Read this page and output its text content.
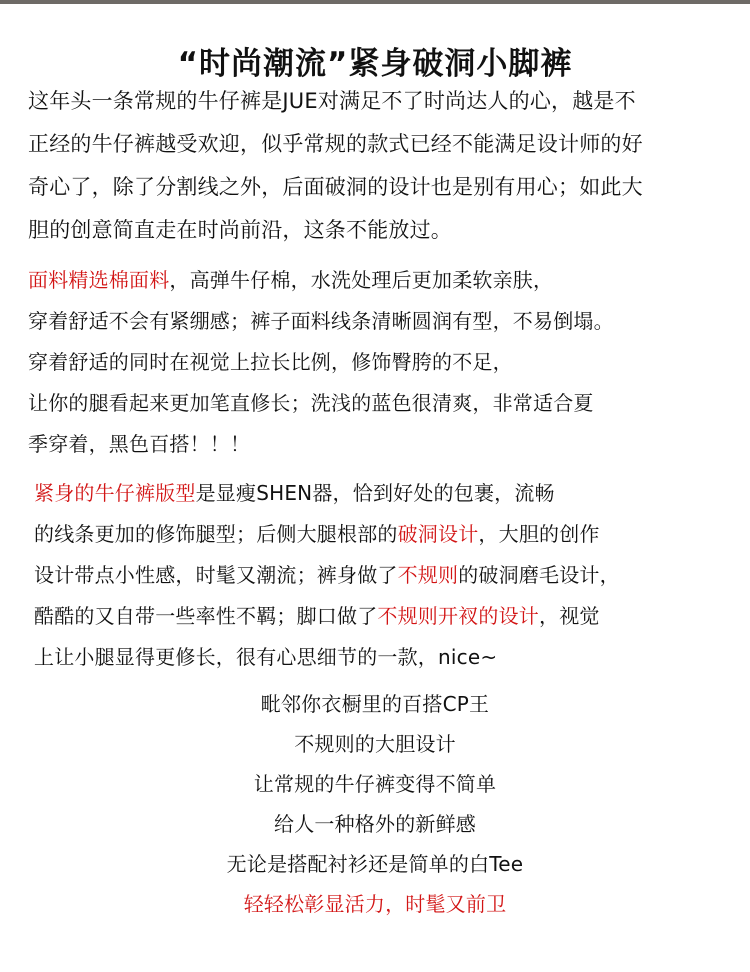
“时尚潮流”紧身破洞小脚裤
这年头一条常规的牛仔裤是JUE对满足不了时尚达人的心，越是不
正经的牛仔裤越受欢迎，似乎常规的款式已经不能满足设计师的好
奇心了，除了分割线之外，后面破洞的设计也是别有用心；如此大
胆的创意简直走在时尚前沿，这条不能放过。
面料精选棉面料，高弹牛仔棉，水洗处理后更加柔软亲肤，
穿着舒适不会有紧绷感；裤子面料线条清晰圆润有型，不易倒塌。
穿着舒适的同时在视觉上拉长比例，修饰臀胯的不足，
让你的腿看起来更加笔直修长；洗浅的蓝色很清爽，非常适合夏
季穿着，黑色百搭！！！
紧身的牛仔裤版型是显瘦SHEN器，恰到好处的包裹，流畅
的线条更加的修饰腿型；后侧大腿根部的破洞设计，大胆的创作
设计带点小性感，时髦又潮流；裤身做了不规则的破洞磨毛设计，
酷酷的又自带一些率性不羁；脚口做了不规则开衩的设计，视觉
上让小腿显得更修长，很有心思细节的一款，nice~
毗邻你衣橱里的百搭CP王
不规则的大胆设计
让常规的牛仔裤变得不简单
给人一种格外的新鲜感
无论是搭配衬衫还是简单的白Tee
轻轻松彰显活力，时髦又前卫
